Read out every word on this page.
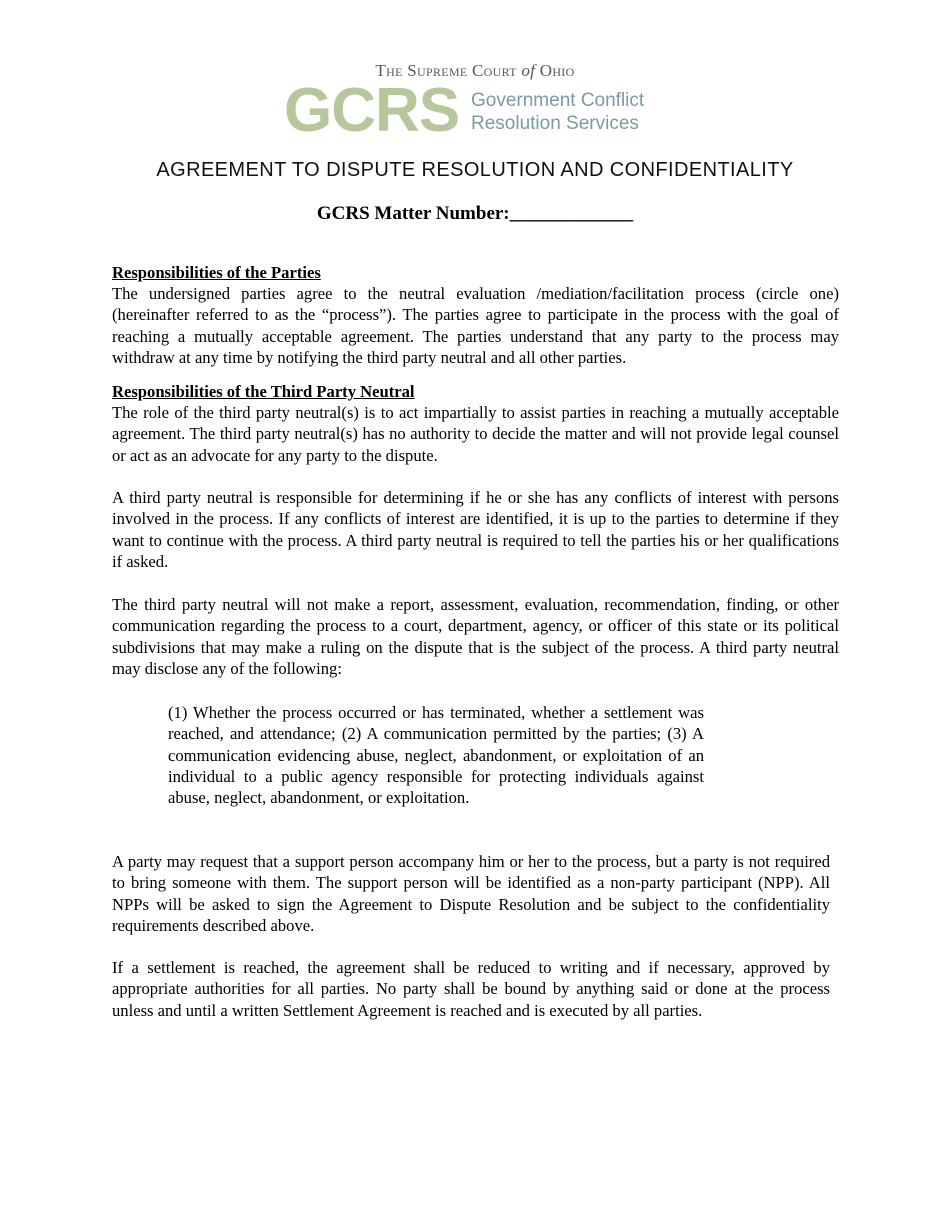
The Supreme Court of Ohio
GCRS Government Conflict
Resolution Services
AGREEMENT TO DISPUTE RESOLUTION AND CONFIDENTIALITY
GCRS Matter Number:_____________
Responsibilities of the Parties
The undersigned parties agree to the neutral evaluation /mediation/facilitation process (circle one) (hereinafter referred to as the “process”). The parties agree to participate in the process with the goal of reaching a mutually acceptable agreement. The parties understand that any party to the process may withdraw at any time by notifying the third party neutral and all other parties.
Responsibilities of the Third Party Neutral
The role of the third party neutral(s) is to act impartially to assist parties in reaching a mutually acceptable agreement. The third party neutral(s) has no authority to decide the matter and will not provide legal counsel or act as an advocate for any party to the dispute.
A third party neutral is responsible for determining if he or she has any conflicts of interest with persons involved in the process. If any conflicts of interest are identified, it is up to the parties to determine if they want to continue with the process. A third party neutral is required to tell the parties his or her qualifications if asked.
The third party neutral will not make a report, assessment, evaluation, recommendation, finding, or other communication regarding the process to a court, department, agency, or officer of this state or its political subdivisions that may make a ruling on the dispute that is the subject of the process. A third party neutral may disclose any of the following:
(1) Whether the process occurred or has terminated, whether a settlement was reached, and attendance; (2) A communication permitted by the parties; (3) A communication evidencing abuse, neglect, abandonment, or exploitation of an individual to a public agency responsible for protecting individuals against abuse, neglect, abandonment, or exploitation.
A party may request that a support person accompany him or her to the process, but a party is not required to bring someone with them. The support person will be identified as a non-party participant (NPP). All NPPs will be asked to sign the Agreement to Dispute Resolution and be subject to the confidentiality requirements described above.
If a settlement is reached, the agreement shall be reduced to writing and if necessary, approved by appropriate authorities for all parties. No party shall be bound by anything said or done at the process unless and until a written Settlement Agreement is reached and is executed by all parties.
